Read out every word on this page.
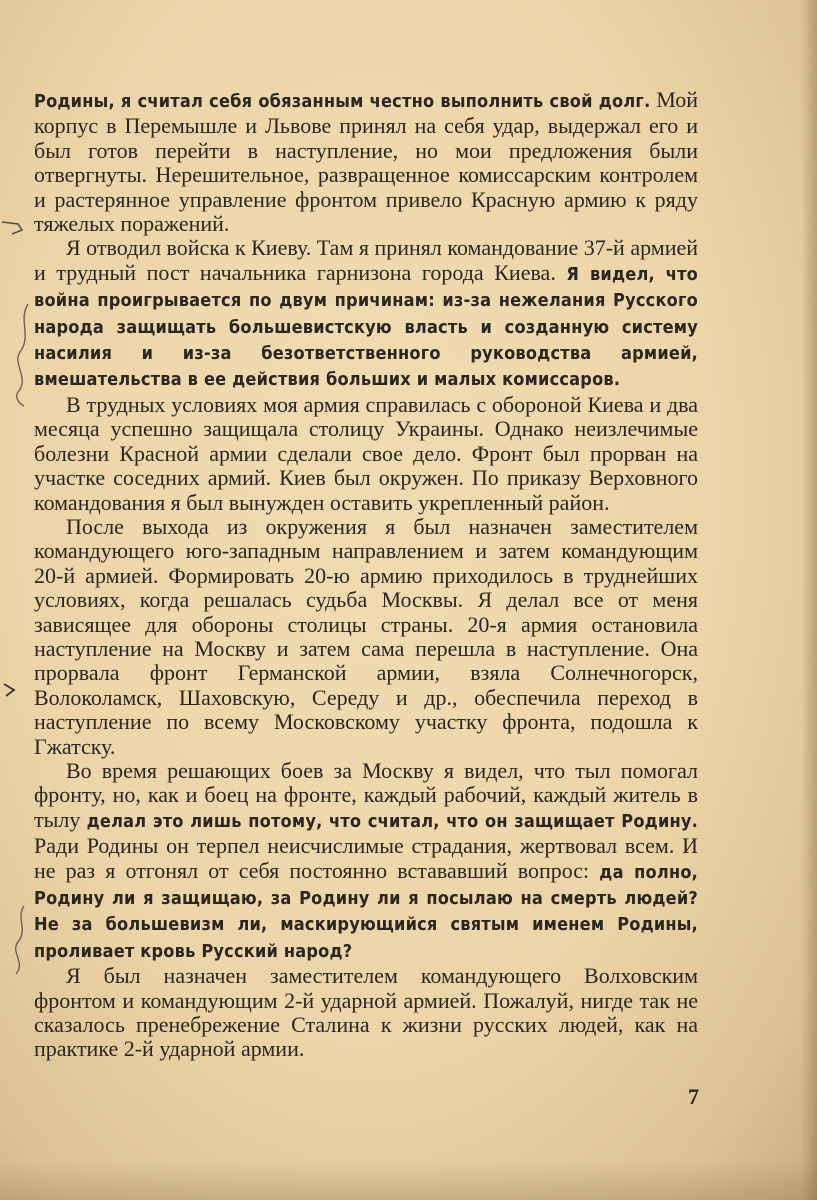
Родины, я считал себя обязанным честно выполнить свой долг. Мой корпус в Перемышле и Львове принял на себя удар, выдержал его и был готов перейти в наступление, но мои предложения были отвергнуты. Нерешительное, развращенное комиссарским контролем и растерянное управление фронтом привело Красную армию к ряду тяжелых поражений.

Я отводил войска к Киеву. Там я принял командование 37-й армией и трудный пост начальника гарнизона города Киева. Я видел, что война проигрывается по двум причинам: из-за нежелания Русского народа защищать большевистскую власть и созданную систему насилия и из-за безответственного руководства армией, вмешательства в ее действия больших и малых комиссаров.

В трудных условиях моя армия справилась с обороной Киева и два месяца успешно защищала столицу Украины. Однако неизлечимые болезни Красной армии сделали свое дело. Фронт был прорван на участке соседних армий. Киев был окружен. По приказу Верховного командования я был вынужден оставить укрепленный район.

После выхода из окружения я был назначен заместителем командующего юго-западным направлением и затем командующим 20-й армией. Формировать 20-ю армию приходилось в труднейших условиях, когда решалась судьба Москвы. Я делал все от меня зависящее для обороны столицы страны. 20-я армия остановила наступление на Москву и затем сама перешла в наступление. Она прорвала фронт Германской армии, взяла Солнечногорск, Волоколамск, Шаховскую, Середу и др., обеспечила переход в наступление по всему Московскому участку фронта, подошла к Гжатску.

Во время решающих боев за Москву я видел, что тыл помогал фронту, но, как и боец на фронте, каждый рабочий, каждый житель в тылу делал это лишь потому, что считал, что он защищает Родину. Ради Родины он терпел неисчислимые страдания, жертвовал всем. И не раз я отгонял от себя постоянно встававший вопрос: да полно, Родину ли я защищаю, за Родину ли я посылаю на смерть людей? Не за большевизм ли, маскирующийся святым именем Родины, проливает кровь Русский народ?

Я был назначен заместителем командующего Волховским фронтом и командующим 2-й ударной армией. Пожалуй, нигде так не сказалось пренебрежение Сталина к жизни русских людей, как на практике 2-й ударной армии.

7
